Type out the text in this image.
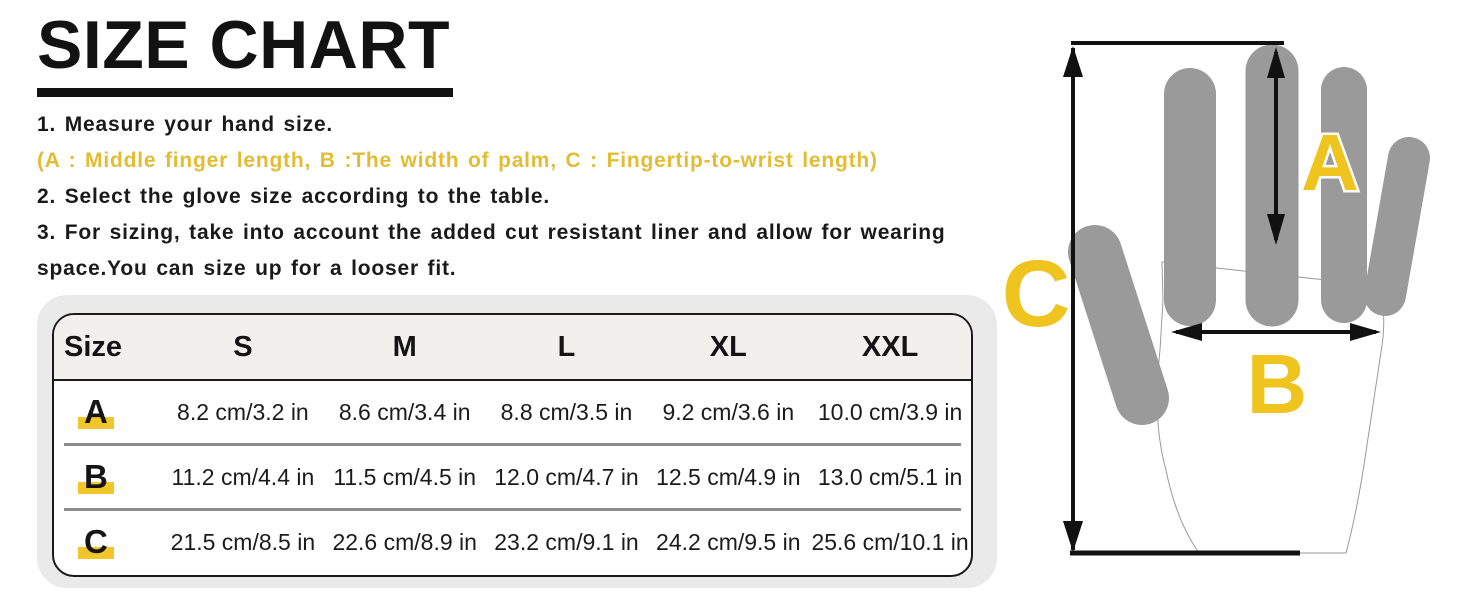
SIZE CHART

1. Measure your hand size.

(A : Middle finger length, B :The width of palm, C : Fingertip-to-wrist length)

2. Select the glove size according to the table.

3. For sizing, take into account the added cut resistant liner and allow for wearing space.You can size up for a looser fit.

Size	S	M	L	XL	XXL
A	8.2 cm/3.2 in	8.6 cm/3.4 in	8.8 cm/3.5 in	9.2 cm/3.6 in	10.0 cm/3.9 in
B	11.2 cm/4.4 in 11.5 cm/4.5 in 12.0 cm/4.7 in 12.5 cm/4.9 in 13.0 cm/5.1 in
C	21.5 cm/8.5 in 22.6 cm/8.9 in 23.2 cm/9.1 in 24.2 cm/9.5 in 25.6 cm/10.1 in
A
B
C
